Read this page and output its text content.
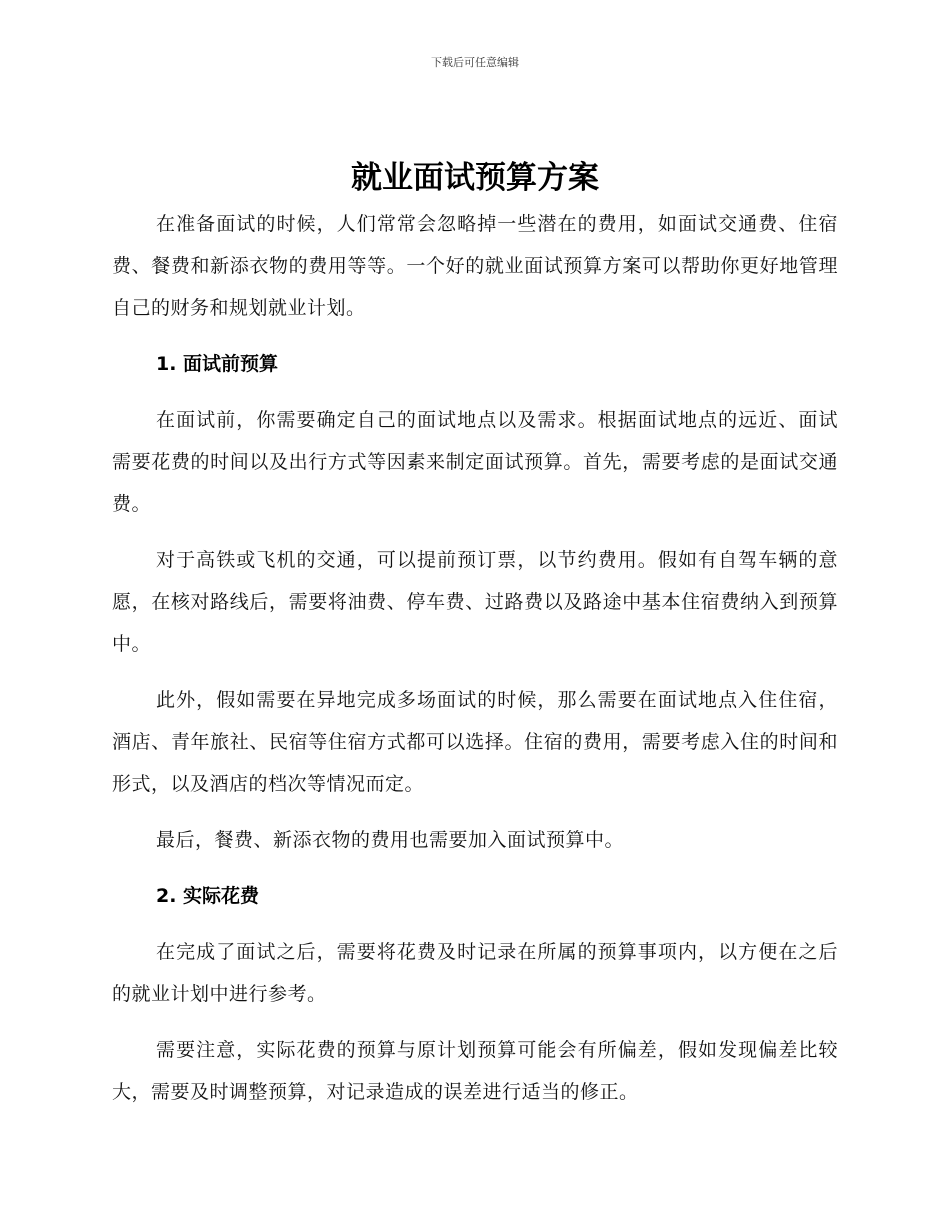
下载后可任意编辑
就业面试预算方案

在准备面试的时候，人们常常会忽略掉一些潜在的费用，如面试交通费、住宿费、餐费和新添衣物的费用等等。一个好的就业面试预算方案可以帮助你更好地管理自己的财务和规划就业计划。

1. 面试前预算

在面试前，你需要确定自己的面试地点以及需求。根据面试地点的远近、面试需要花费的时间以及出行方式等因素来制定面试预算。首先，需要考虑的是面试交通费。

对于高铁或飞机的交通，可以提前预订票，以节约费用。假如有自驾车辆的意愿，在核对路线后，需要将油费、停车费、过路费以及路途中基本住宿费纳入到预算中。

此外，假如需要在异地完成多场面试的时候，那么需要在面试地点入住住宿，酒店、青年旅社、民宿等住宿方式都可以选择。住宿的费用，需要考虑入住的时间和形式，以及酒店的档次等情况而定。

最后，餐费、新添衣物的费用也需要加入面试预算中。

2. 实际花费

在完成了面试之后，需要将花费及时记录在所属的预算事项内，以方便在之后的就业计划中进行参考。

需要注意，实际花费的预算与原计划预算可能会有所偏差，假如发现偏差比较大，需要及时调整预算，对记录造成的误差进行适当的修正。
